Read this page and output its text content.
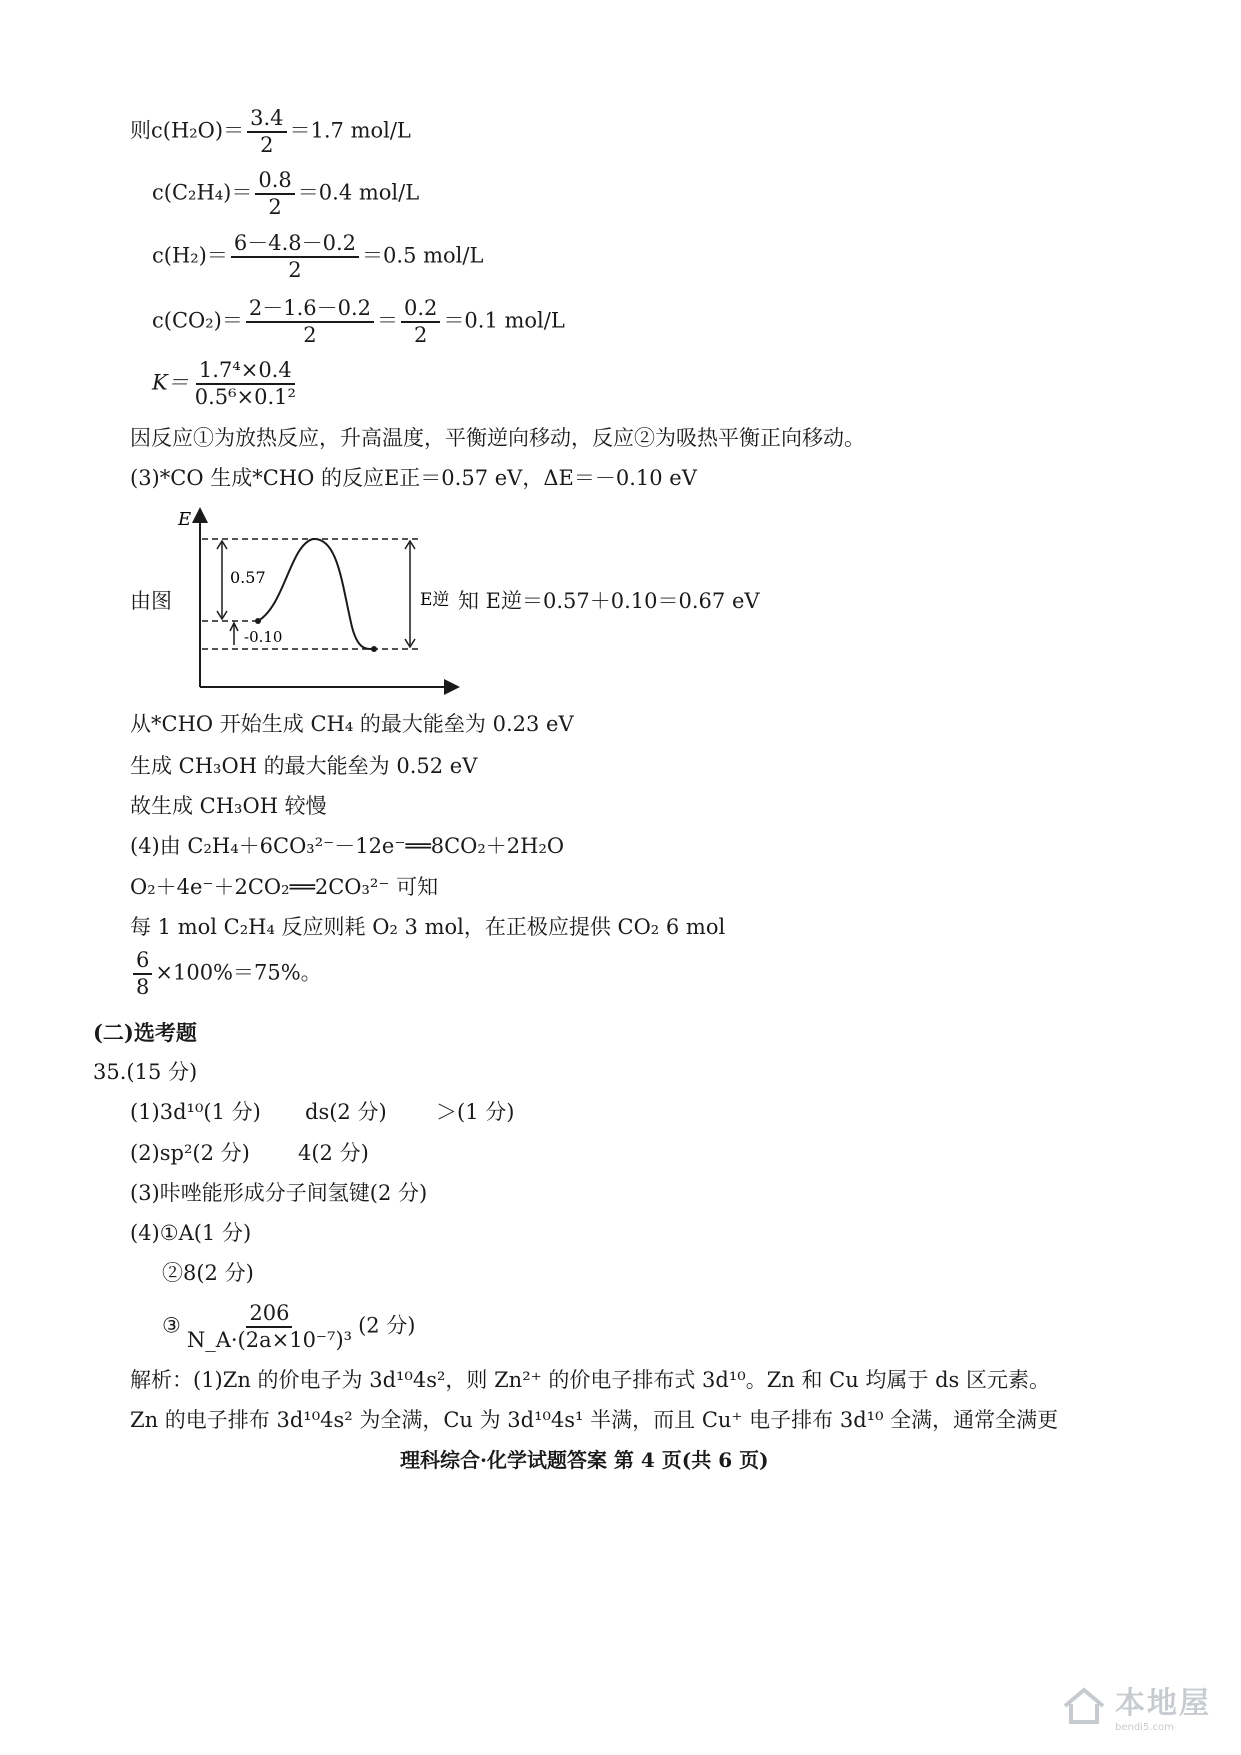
则$c(H_2O)= \frac{3.4}{2} =1.7$ mol/L
$c(C_2H_4)= \frac{0.8}{2} =0.4$ mol/L
$c(H_2)= \frac{6-4.8-0.2}{2} =0.5$ mol/L
$c(CO_2)= \frac{2-1.6-0.2}{2} = \frac{0.2}{2} =0.1$ mol/L
$K= \frac{\text{1.7⁴×0.4}}{\text{0.5⁶×0.1²}}$
因反应①为放热反应，升高温度，平衡逆向移动，反应②为吸热平衡正向移动。
(3)*CO 生成*CHO 的反应E正＝0.57 eV，ΔE＝－0.10 eV
由图
E
0.57
-0.10
E逆 知 E逆＝0.57＋0.10＝0.67 eV
从*CHO 开始生成 CH₄ 的最大能垒为 0.23 eV
生成 CH₃OH 的最大能垒为 0.52 eV
故生成 CH₃OH 较慢
(4)由 C₂H₄＋6CO₃²⁻－12e⁻══8CO₂＋2H₂O
O₂＋4e⁻＋2CO₂══2CO₃²⁻ 可知
每 1 mol C₂H₄ 反应则耗 O₂ 3 mol，在正极应提供 CO₂ 6 mol
$\frac{6}{8} \times 100\%=75\%$。
(二)选考题
35.(15 分)
(1)3d¹⁰(1 分) ds(2 分) ＞(1 分)
(2)sp²(2 分) 4(2 分)
(3)咔唑能形成分子间氢键(2 分)
(4)①A(1 分)
②8(2 分)
③ $\frac{206}{\text{N\_A·(2a×10⁻⁷)³}} (2$ 分)
解析：(1)Zn 的价电子为 3d¹⁰4s²，则 Zn²⁺ 的价电子排布式 3d¹⁰。Zn 和 Cu 均属于 ds 区元素。
Zn 的电子排布 3d¹⁰4s² 为全满，Cu 为 3d¹⁰4s¹ 半满，而且 Cu⁺ 电子排布 3d¹⁰ 全满，通常全满更
理科综合·化学试题答案 第 4 页(共 6 页)
本地屋
bendi5.com
